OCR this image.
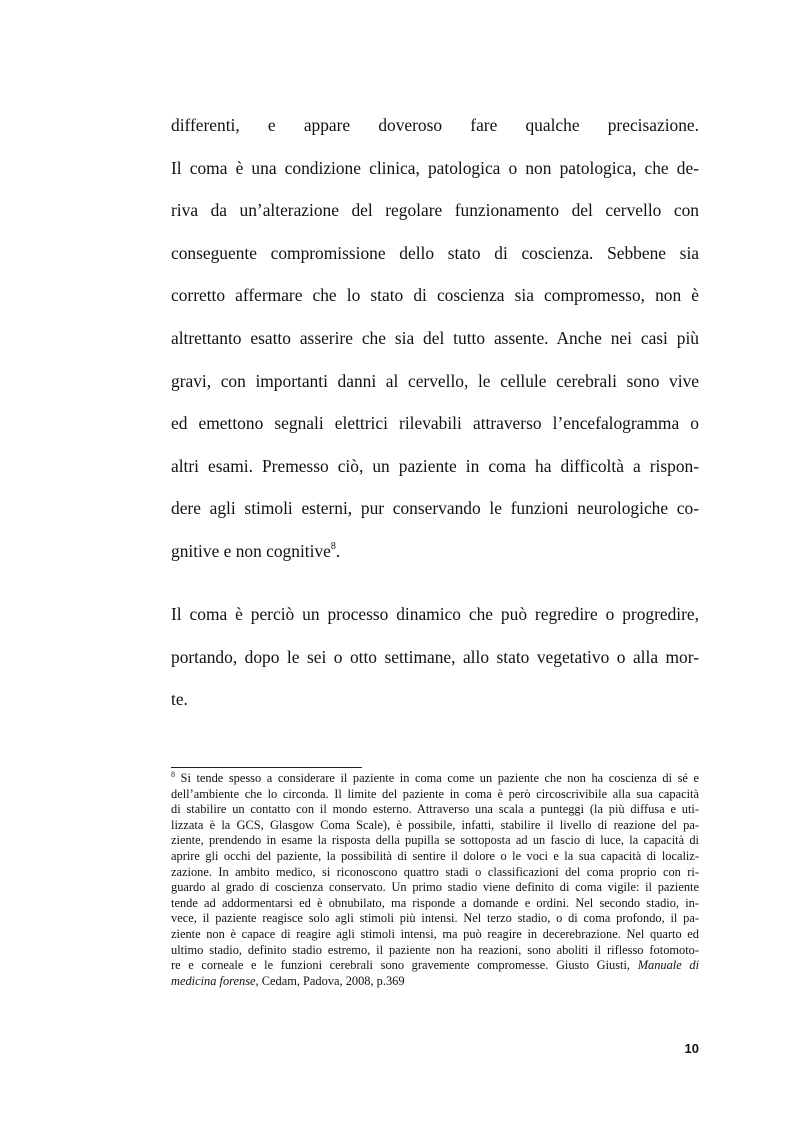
differenti, e appare doveroso fare qualche precisazione.
Il coma è una condizione clinica, patologica o non patologica, che de-
riva da un’alterazione del regolare funzionamento del cervello con
conseguente compromissione dello stato di coscienza. Sebbene sia
corretto affermare che lo stato di coscienza sia compromesso, non è
altrettanto esatto asserire che sia del tutto assente. Anche nei casi più
gravi, con importanti danni al cervello, le cellule cerebrali sono vive
ed emettono segnali elettrici rilevabili attraverso l’encefalogramma o
altri esami. Premesso ciò, un paziente in coma ha difficoltà a rispon-
dere agli stimoli esterni, pur conservando le funzioni neurologiche co-
gnitive e non cognitive$^8$.
Il coma è perciò un processo dinamico che può regredire o progredire,
portando, dopo le sei o otto settimane, allo stato vegetativo o alla mor-
te.
$^8$ Si tende spesso a considerare il paziente in coma come un paziente che non ha coscienza di sé e
dell’ambiente che lo circonda. Il limite del paziente in coma è però circoscrivibile alla sua capacità
di stabilire un contatto con il mondo esterno. Attraverso una scala a punteggi (la più diffusa e uti-
lizzata è la GCS, Glasgow Coma Scale), è possibile, infatti, stabilire il livello di reazione del pa-
ziente, prendendo in esame la risposta della pupilla se sottoposta ad un fascio di luce, la capacità di
aprire gli occhi del paziente, la possibilità di sentire il dolore o le voci e la sua capacità di localiz-
zazione. In ambito medico, si riconoscono quattro stadi o classificazioni del coma proprio con ri-
guardo al grado di coscienza conservato. Un primo stadio viene definito di coma vigile: il paziente
tende ad addormentarsi ed è obnubilato, ma risponde a domande e ordini. Nel secondo stadio, in-
vece, il paziente reagisce solo agli stimoli più intensi. Nel terzo stadio, o di coma profondo, il pa-
ziente non è capace di reagire agli stimoli intensi, ma può reagire in decerebrazione. Nel quarto ed
ultimo stadio, definito stadio estremo, il paziente non ha reazioni, sono aboliti il riflesso fotomoto-
re e corneale e le funzioni cerebrali sono gravemente compromesse. Giusto Giusti, Manuale di
medicina forense, Cedam, Padova, 2008, p.369
10
